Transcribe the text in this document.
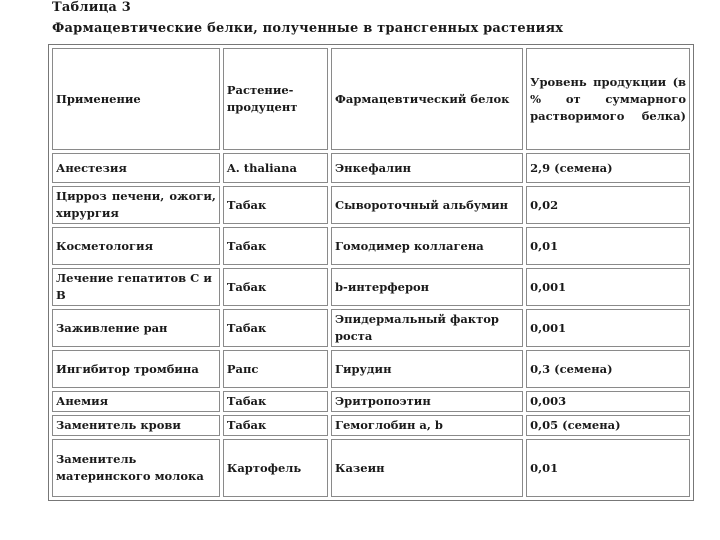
Таблица 3
Фармацевтические белки, полученные в трансгенных растениях
Применение	Растение-продуцент	Фармацевтический белок	Уровень продукции (в % от суммарного растворимого белка)
Анестезия	A. thaliana	Энкефалин	2,9 (семена)
Цирроз печени, ожоги, хирургия	Табак	Сывороточный альбумин	0,02
Косметология	Табак	Гомодимер коллагена	0,01
Лечение гепатитов С и В	Табак	b-интерферон	0,001
Заживление ран	Табак	Эпидермальный фактор роста	0,001
Ингибитор тромбина	Рапс	Гирудин	0,3 (семена)
Анемия	Табак	Эритропоэтин	0,003
Заменитель крови	Табак	Гемоглобин a, b	0,05 (семена)
Заменитель материнского молока	Картофель	Казеин	0,01
